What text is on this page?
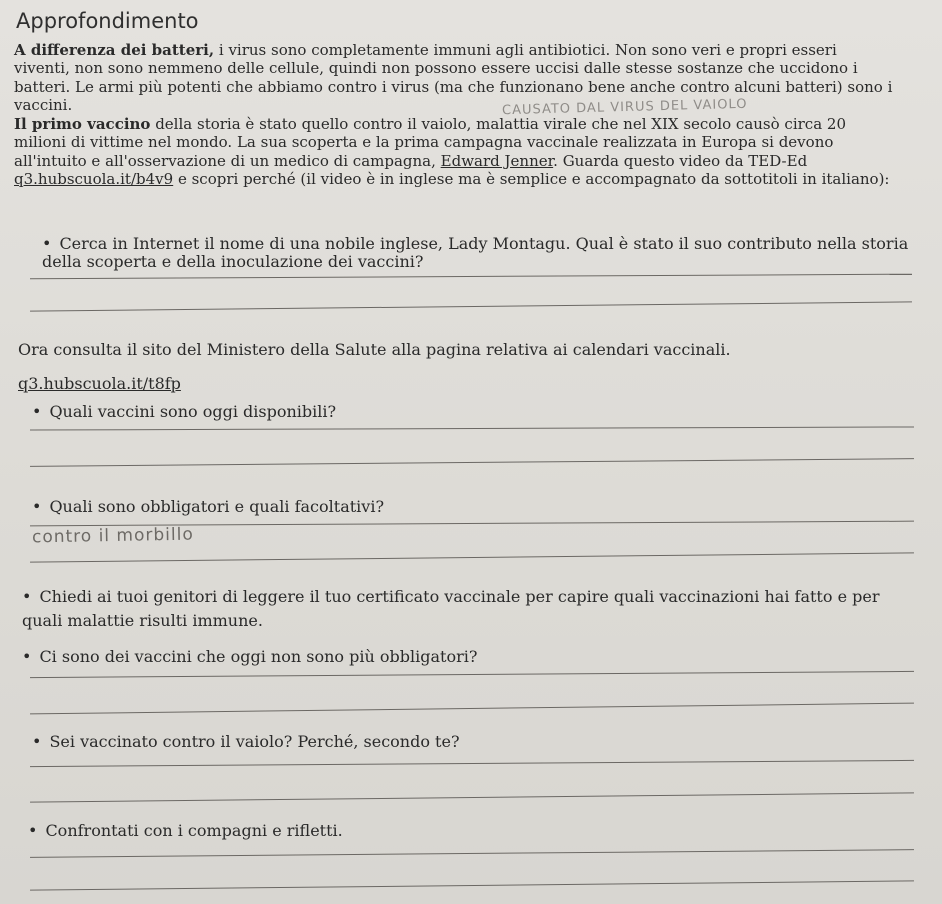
Approfondimento
A differenza dei batteri, i virus sono completamente immuni agli antibiotici. Non sono veri e propri esseri viventi, non sono nemmeno delle cellule, quindi non possono essere uccisi dalle stesse sostanze che uccidono i batteri. Le armi più potenti che abbiamo contro i virus (ma che funzionano bene anche contro alcuni batteri) sono i vaccini.	CAUSATO DAL VIRUS DEL VAIOLO
Il primo vaccino della storia è stato quello contro il vaiolo, malattia virale che nel XIX secolo causò circa 20 milioni di vittime nel mondo. La sua scoperta e la prima campagna vaccinale realizzata in Europa si devono all'intuito e all'osservazione di un medico di campagna, Edward Jenner. Guarda questo video da TED-Ed q3.hubscuola.it/b4v9 e scopri perché (il video è in inglese ma è semplice e accompagnato da sottotitoli in italiano):
• Cerca in Internet il nome di una nobile inglese, Lady Montagu. Qual è stato il suo contributo nella storia
della scoperta e della inoculazione dei vaccini?
Ora consulta il sito del Ministero della Salute alla pagina relativa ai calendari vaccinali.
q3.hubscuola.it/t8fp
• Quali vaccini sono oggi disponibili?
• Quali sono obbligatori e quali facoltativi?
contro il morbillo
• Chiedi ai tuoi genitori di leggere il tuo certificato vaccinale per capire quali vaccinazioni hai fatto e per quali malattie risulti immune.
• Ci sono dei vaccini che oggi non sono più obbligatori?
• Sei vaccinato contro il vaiolo? Perché, secondo te?
• Confrontati con i compagni e rifletti.
